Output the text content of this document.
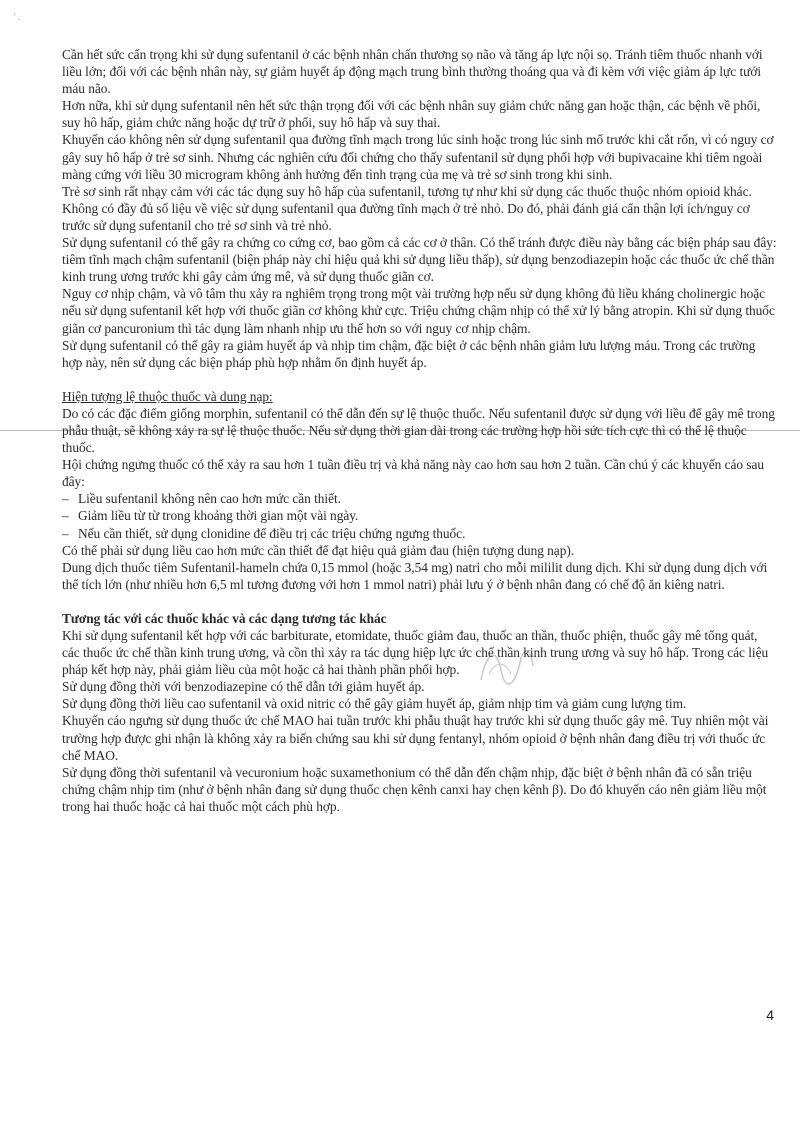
' .

Cần hết sức cẩn trọng khi sử dụng sufentanil ở các bệnh nhân chấn thương sọ não và tăng áp lực nội sọ. Tránh tiêm thuốc nhanh với liều lớn; đối với các bệnh nhân này, sự giảm huyết áp động mạch trung bình thường thoáng qua và đi kèm với việc giảm áp lực tưới máu não.

Hơn nữa, khi sử dụng sufentanil nên hết sức thận trọng đối với các bệnh nhân suy giảm chức năng gan hoặc thận, các bệnh về phổi, suy hô hấp, giảm chức năng hoặc dự trữ ở phổi, suy hô hấp và suy thai.

Khuyến cáo không nên sử dụng sufentanil qua đường tĩnh mạch trong lúc sinh hoặc trong lúc sinh mổ trước khi cắt rốn, vì có nguy cơ gây suy hô hấp ở trẻ sơ sinh. Nhưng các nghiên cứu đối chứng cho thấy sufentanil sử dụng phối hợp với bupivacaine khi tiêm ngoài màng cứng với liều 30 microgram không ảnh hưởng đến tình trạng của mẹ và trẻ sơ sinh trong khi sinh.

Trẻ sơ sinh rất nhạy cảm với các tác dụng suy hô hấp của sufentanil, tương tự như khi sử dụng các thuốc thuộc nhóm opioid khác. Không có đầy đủ số liệu về việc sử dụng sufentanil qua đường tĩnh mạch ở trẻ nhỏ. Do đó, phải đánh giá cẩn thận lợi ích/nguy cơ trước sử dụng sufentanil cho trẻ sơ sinh và trẻ nhỏ.

Sử dụng sufentanil có thể gây ra chứng co cứng cơ, bao gồm cả các cơ ở thân. Có thể tránh được điều này bằng các biện pháp sau đây: tiêm tĩnh mạch chậm sufentanil (biện pháp này chỉ hiệu quả khi sử dụng liều thấp), sử dụng benzodiazepin hoặc các thuốc ức chế thần kinh trung ương trước khi gây cảm ứng mê, và sử dụng thuốc giãn cơ.

Nguy cơ nhịp chậm, và vô tâm thu xảy ra nghiêm trọng trong một vài trường hợp nếu sử dụng không đủ liều kháng cholinergic hoặc nếu sử dụng sufentanil kết hợp với thuốc giãn cơ không khử cực. Triệu chứng chậm nhịp có thể xử lý bằng atropin. Khi sử dụng thuốc giãn cơ pancuronium thì tác dụng làm nhanh nhịp ưu thế hơn so với nguy cơ nhịp chậm.

Sử dụng sufentanil có thể gây ra giảm huyết áp và nhịp tim chậm, đặc biệt ở các bệnh nhân giảm lưu lượng máu. Trong các trường hợp này, nên sử dụng các biện pháp phù hợp nhằm ổn định huyết áp.

Hiện tượng lệ thuộc thuốc và dung nạp:

Do có các đặc điểm giống morphin, sufentanil có thể dẫn đến sự lệ thuộc thuốc. Nếu sufentanil được sử dụng với liều để gây mê trong phẫu thuật, sẽ không xảy ra sự lệ thuộc thuốc. Nếu sử dụng thời gian dài trong các trường hợp hồi sức tích cực thì có thể lệ thuộc thuốc.

Hội chứng ngưng thuốc có thể xảy ra sau hơn 1 tuần điều trị và khả năng này cao hơn sau hơn 2 tuần. Cần chú ý các khuyến cáo sau đây:

– Liều sufentanil không nên cao hơn mức cần thiết.
– Giảm liều từ từ trong khoảng thời gian một vài ngày.
– Nếu cần thiết, sử dụng clonidine để điều trị các triệu chứng ngưng thuốc.

Có thể phải sử dụng liều cao hơn mức cần thiết để đạt hiệu quả giảm đau (hiện tượng dung nạp).

Dung dịch thuốc tiêm Sufentanil-hameln chứa 0,15 mmol (hoặc 3,54 mg) natri cho mỗi mililit dung dịch. Khi sử dụng dung dịch với thể tích lớn (như nhiều hơn 6,5 ml tương đương với hơn 1 mmol natri) phải lưu ý ở bệnh nhân đang có chế độ ăn kiêng natri.

Tương tác với các thuốc khác và các dạng tương tác khác

Khi sử dụng sufentanil kết hợp với các barbiturate, etomidate, thuốc giảm đau, thuốc an thần, thuốc phiện, thuốc gây mê tổng quát, các thuốc ức chế thần kinh trung ương, và cồn thì xảy ra tác dụng hiệp lực ức chế thần kinh trung ương và suy hô hấp. Trong các liệu pháp kết hợp này, phải giảm liều của một hoặc cả hai thành phần phối hợp.

Sử dụng đồng thời với benzodiazepine có thể dẫn tới giảm huyết áp.

Sử dụng đồng thời liều cao sufentanil và oxid nitric có thể gây giảm huyết áp, giảm nhịp tim và giảm cung lượng tim.

Khuyến cáo ngưng sử dụng thuốc ức chế MAO hai tuần trước khi phẫu thuật hay trước khi sử dụng thuốc gây mê. Tuy nhiên một vài trường hợp được ghi nhận là không xảy ra biến chứng sau khi sử dụng fentanyl, nhóm opioid ở bệnh nhân đang điều trị với thuốc ức chế MAO.

Sử dụng đồng thời sufentanil và vecuronium hoặc suxamethonium có thể dẫn đến chậm nhịp, đặc biệt ở bệnh nhân đã có sẵn triệu chứng chậm nhịp tim (như ở bệnh nhân đang sử dụng thuốc chẹn kênh canxi hay chẹn kênh β). Do đó khuyến cáo nên giảm liều một trong hai thuốc hoặc cả hai thuốc một cách phù hợp.

4
